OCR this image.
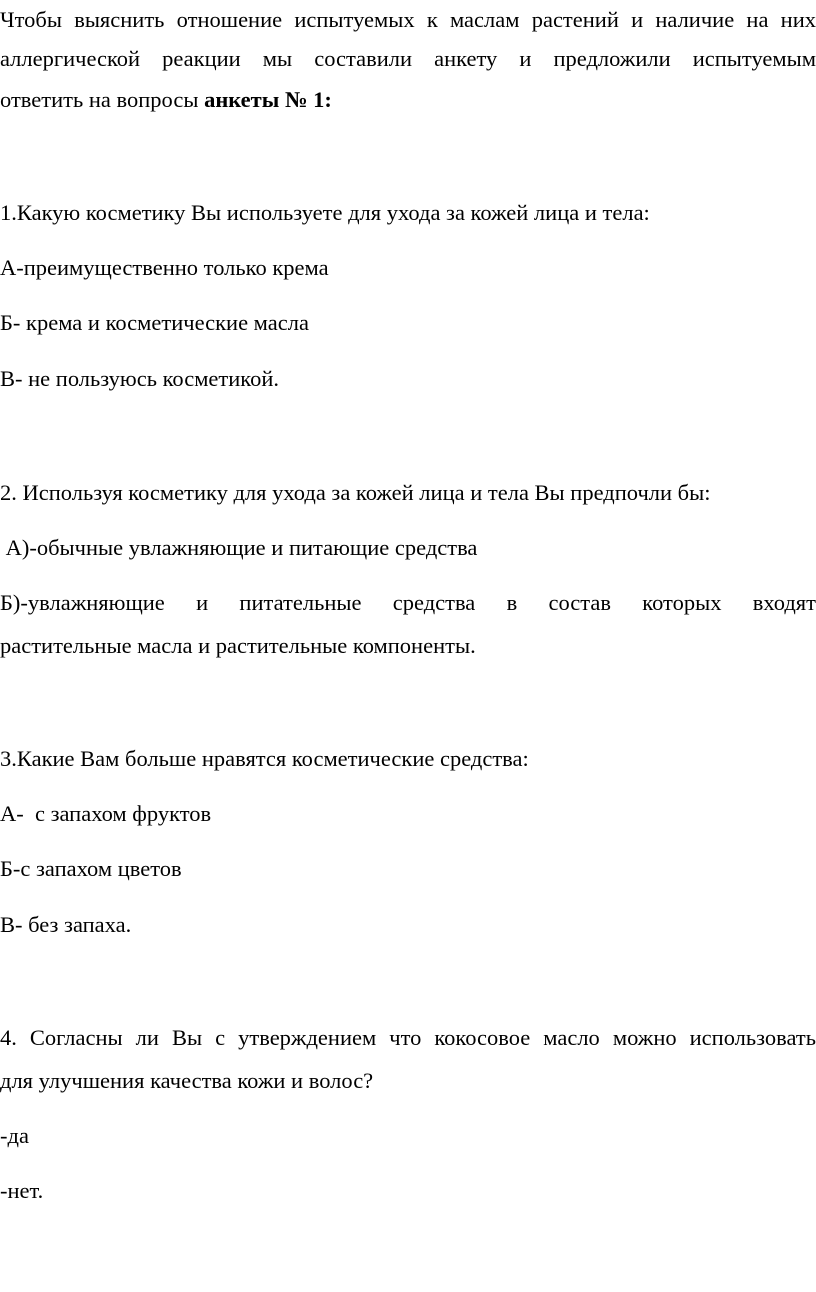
Чтобы выяснить отношение испытуемых к маслам растений и наличие на них
аллергической реакции мы составили анкету и предложили испытуемым
ответить на вопросы анкеты № 1:
1.Какую косметику Вы используете для ухода за кожей лица и тела:
А-преимущественно только крема
Б- крема и косметические масла
В- не пользуюсь косметикой.
2. Используя косметику для ухода за кожей лица и тела Вы предпочли бы:
А)-обычные увлажняющие и питающие средства
Б)-увлажняющие и питательные средства в состав которых входят
растительные масла и растительные компоненты.
3.Какие Вам больше нравятся косметические средства:
А-  с запахом фруктов
Б-с запахом цветов
В- без запаха.
4. Согласны ли Вы с утверждением что кокосовое масло можно использовать
для улучшения качества кожи и волос?
-да
-нет.
